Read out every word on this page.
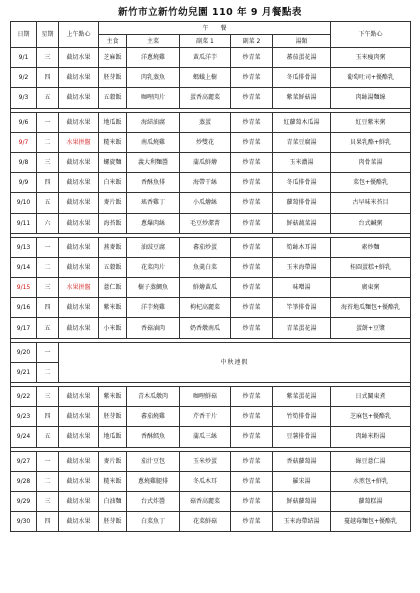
新竹市立新竹幼兒園 110 年 9 月餐點表
日期	星期	上午點心	午　　餐					下午點心
			主食	主菜	副菜 1	副菜 2	湯類	
9/1	三	截切水果	芝麻飯	洋蔥燒雞	黃瓜洋芋	炒青菜	蕃茄蛋花湯	玉米瘦肉粥
9/2	四	截切水果	胚芽飯	肉乳蒸魚	螞蟻上樹	炒青菜	冬瓜排骨湯	葡萄吐司+優酪乳
9/3	五	截切水果	五穀飯	咖哩肉片	蛋香高麗菜	炒青菜	紫菜鮮菇湯	肉絲湯麵線

9/6	一	截切水果	地瓜飯	海結油腐	蒸蛋	炒青菜	紅蘿蔔木瓜湯	紅豆紫米粥
9/7	二	水果拼盤	糙米飯	南瓜燒雞	炒雙花	炒青菜	青菜豆腐湯	貝果乳酪+鮮乳
9/8	三	截切水果	螺旋麵	義大利麵醬	蒲瓜鮮燴	炒青菜	玉米濃湯	肉骨菜湯
9/9	四	截切水果	白米飯	香酥魚排	海帶干絲	炒青菜	冬瓜排骨湯	菜包+優酪乳
9/10	五	截切水果	麥片飯	瑤香雞丁	小瓜燴絲	炒青菜	蘿蔔排骨湯	古早味米苔目
9/11	六	截切水果	海苔飯	蔥爆肉絲	毛豆炒潔菁	炒青菜	鮮菇蔬菜湯	台式鹹粥

9/13	一	截切水果	燕麥飯	油豉豆腐	蕃茄炒蛋	炒青菜	筍絲木耳湯	素炒麵
9/14	二	截切水果	五穀飯	花菜肉片	魚羹白菜	炒青菜	玉米海帶湯	桂圓蛋糕+鮮乳
9/15	三	水果拼盤	薏仁飯	樹子蒸鯛魚	鮮燴黃瓜	炒青菜	味噌湯	廣東粥
9/16	四	截切水果	紫米飯	洋芋燒雞	枸杞高麗菜	炒青菜	竿箏排骨湯	海苔地瓜麵包+優酪乳
9/17	五	截切水果	小米飯	香菇滷肉	奶香燉南瓜	炒青菜	青菜蛋花湯	蛋餅+豆漿

9/20	一	中秋連假						
9/21	二							

9/22	三	截切水果	紫米飯	青木瓜燉肉	咖哩鮮菇	炒青菜	紫菜蛋花湯	日式關東煮
9/23	四	截切水果	胚芽飯	蕃茄燒雞	芹香干片	炒青菜	竹筍排骨湯	芝麻包+優酪乳
9/24	五	截切水果	地瓜飯	香酥鱈魚	蒲瓜三絲	炒青菜	豆薯排骨湯	肉絲米粉湯

9/27	一	截切水果	麥片飯	茄汁豆包	玉米炒蛋	炒青菜	香菇蘿蔔湯	綠豆薏仁湯
9/28	二	截切水果	糙米飯	蔥燒雞腿排	冬瓜木耳	炒青菜	羅宋湯	水煎包+鮮乳
9/29	三	截切水果	白油麵	台式炸醬	菇香高麗菜	炒青菜	鮮菇蘿蔔湯	蘿蔔糕湯
9/30	四	截切水果	胚芽飯	白菜魚丁	花菜鮮菇	炒青菜	玉米海帶結湯	蔓越莓麵包+優酪乳
